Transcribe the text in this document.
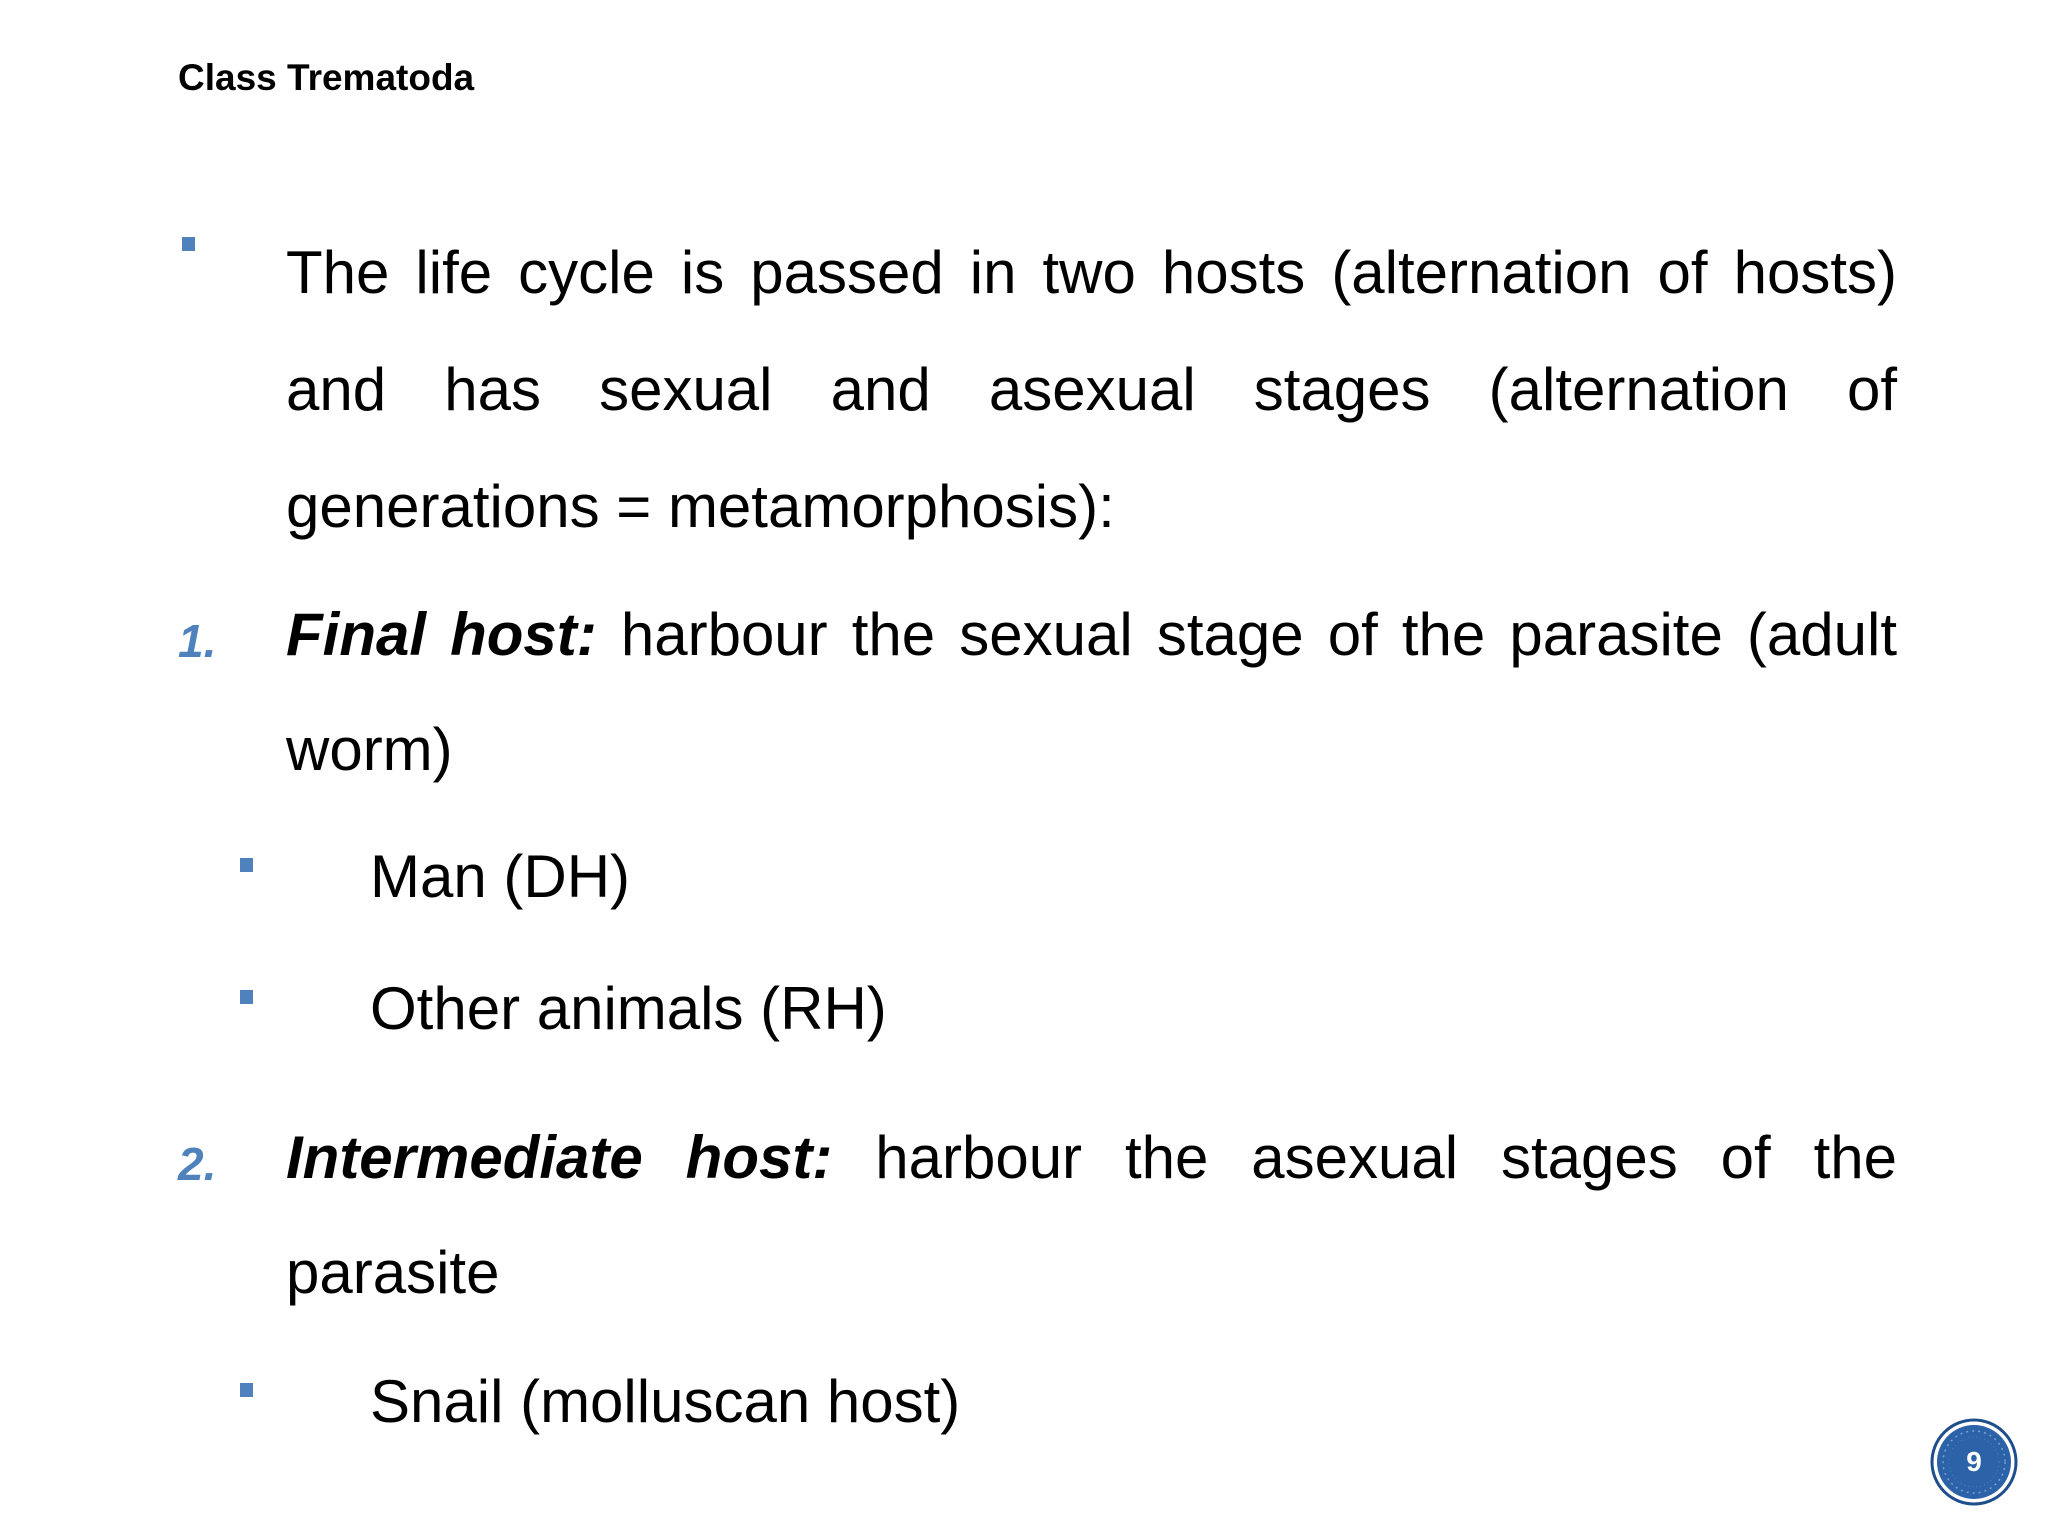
Class Trematoda
The life cycle is passed in two hosts (alternation of hosts) and has sexual and asexual stages (alternation of generations = metamorphosis):
1. Final host: harbour the sexual stage of the parasite (adult worm)
Man (DH)
Other animals (RH)
2. Intermediate host: harbour the asexual stages of the parasite
Snail (molluscan host)
9
